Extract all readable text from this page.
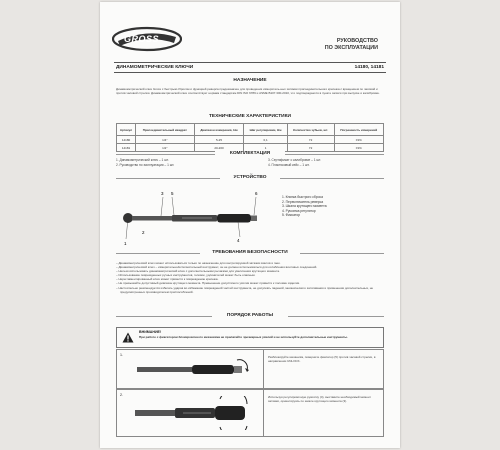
GROSS	РУКОВОДСТВО
ПО ЭКСПЛУАТАЦИИ
ДИНАМОМЕТРИЧЕСКИЕ КЛЮЧИ	14180, 14181
НАЗНАЧЕНИЕ
Динамометрический ключ Gross с быстрым сбросом и функцией реверса предназначен для проведения измеритель-ных затяжки присоединительного крепежа с вращением по часовой и против часовой стрелки. Динамометрический ключ соответствует нормам стандартам DIN ISO 6789 и ASME B107.300-2010, что подтверждается в пункте записи при выпуске и калибровке.
ТЕХНИЧЕСКИЕ ХАРАКТЕРИСТИКИ
Артикул	Присоединительный квадрат	Диапазон измерения, Нм	Шаг регулировки, Нм	Количество зубьев, шт.	Погрешность измерений
14180	1/4"	5-25	0,1	72	±3%
14181	1/2"	20-200	1	72	±3%
КОМПЛЕКТАЦИЯ
1. Динамометрический ключ – 1 шт.
2. Руководство по эксплуатации – 1 шт.
3. Сертификат о калибровке – 1 шт.
4. Пластиковый кейс – 1 шт.
УСТРОЙСТВО
1
3 5	6
4
2
1. Кнопка быстрого сброса
2. Переключатель реверса
3. Шкала крутящего момента
4. Рукоятка регулятор
5. Фиксатор
ТРЕБОВАНИЯ БЕЗОПАСНОСТИ
– Динамометрический ключ может использоваться только по назначению для контролируемой затяжки винтов и гаек.
– Динамометрический ключ – измерительно/исполнительный инструмент, он не должен использоваться для ослабления винтовых соединений.
– Нельзя использовать динамометрический ключ с дополнительными рычагами для увеличения крутящего момента.
– Использование поврежденных ручных инструментов, головок, удлинителей может быть опасным.
– Нерегламентированный ключ может привести к повреждению крепежа.
– Не превышайте допустимый диапазон крутящего момента. Превышение допустимого усилия может привести к поломке изделия.
– Настоятельно рекомендуется избегать ударов во избежание повреждений частей инструмента, не допускать падений, механического затягивания и применения дополнительных, не предусмотренных производителем приспособлений.
ПОРЯДОК РАБОТЫ
ВНИМАНИЕ!
При работе с фиксатором блокировочного механизма не прилагайте чрезмерных усилий и не используйте дополнительные инструменты.
1.	Разблокируйте механизм, поверните фиксатор (5) против часовой стрелки, в направлении UNLOCK.
2.	Используя регулировочную рукоятку (4), выставите необходимый момент затяжки, ориентируясь по шкале крутящего момента (3).
